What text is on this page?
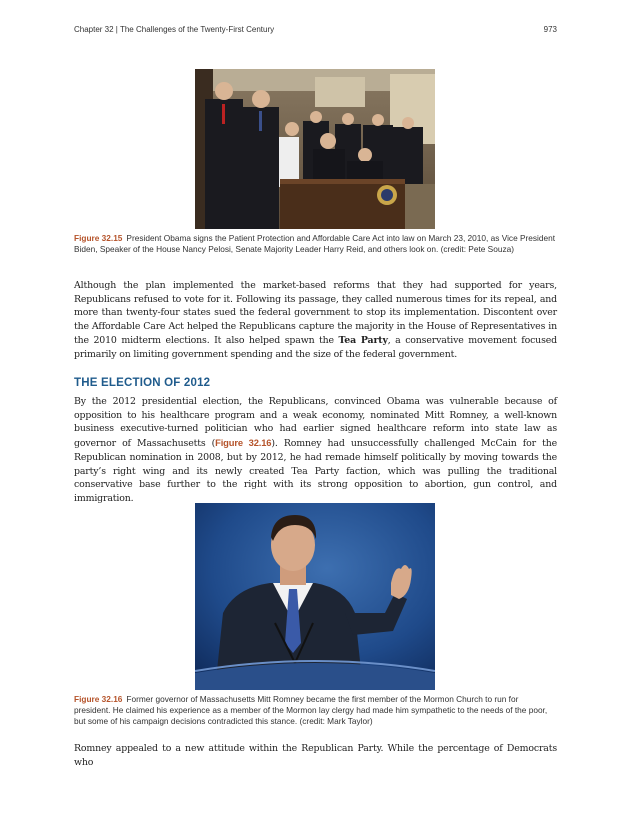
Chapter 32 | The Challenges of the Twenty-First Century	973
Figure 32.15 President Obama signs the Patient Protection and Affordable Care Act into law on March 23, 2010, as Vice President Biden, Speaker of the House Nancy Pelosi, Senate Majority Leader Harry Reid, and others look on. (credit: Pete Souza)

Although the plan implemented the market-based reforms that they had supported for years, Republicans refused to vote for it. Following its passage, they called numerous times for its repeal, and more than twenty-four states sued the federal government to stop its implementation. Discontent over the Affordable Care Act helped the Republicans capture the majority in the House of Representatives in the 2010 midterm elections. It also helped spawn the Tea Party, a conservative movement focused primarily on limiting government spending and the size of the federal government.

THE ELECTION OF 2012

By the 2012 presidential election, the Republicans, convinced Obama was vulnerable because of opposition to his healthcare program and a weak economy, nominated Mitt Romney, a well-known business executive-turned politician who had earlier signed healthcare reform into state law as governor of Massachusetts (Figure 32.16). Romney had unsuccessfully challenged McCain for the Republican nomination in 2008, but by 2012, he had remade himself politically by moving towards the party’s right wing and its newly created Tea Party faction, which was pulling the traditional conservative base further to the right with its strong opposition to abortion, gun control, and immigration.

Figure 32.16 Former governor of Massachusetts Mitt Romney became the first member of the Mormon Church to run for president. He claimed his experience as a member of the Mormon lay clergy had made him sympathetic to the needs of the poor, but some of his campaign decisions contradicted this stance. (credit: Mark Taylor)

Romney appealed to a new attitude within the Republican Party. While the percentage of Democrats who
